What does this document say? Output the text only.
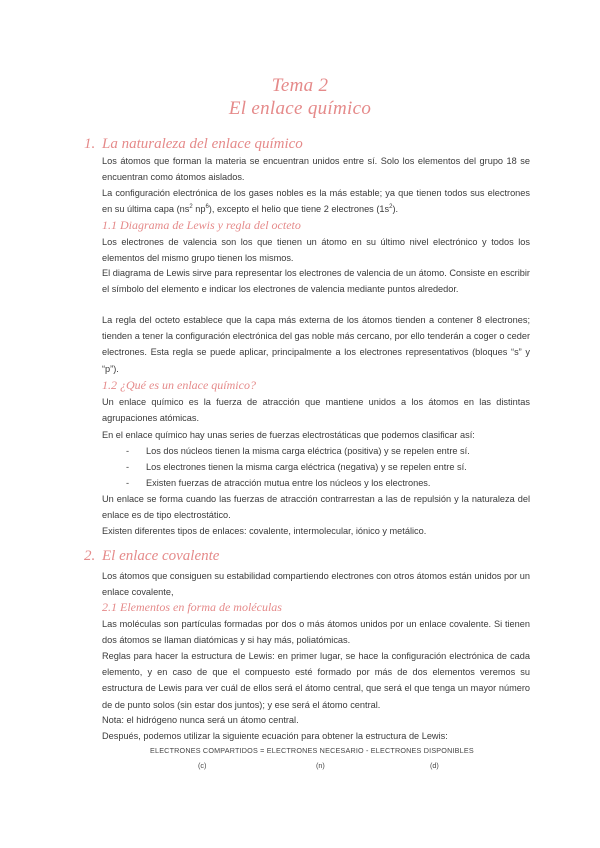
Tema 2
El enlace químico
1. La naturaleza del enlace químico
Los átomos que forman la materia se encuentran unidos entre sí. Solo los elementos del grupo 18 se encuentran como átomos aislados.
La configuración electrónica de los gases nobles es la más estable; ya que tienen todos sus electrones en su última capa ($ns^2$ $np^6$), excepto el helio que tiene 2 electrones $(1s^2)$.
1.1 Diagrama de Lewis y regla del octeto
Los electrones de valencia son los que tienen un átomo en su último nivel electrónico y todos los elementos del mismo grupo tienen los mismos.
El diagrama de Lewis sirve para representar los electrones de valencia de un átomo. Consiste en escribir el símbolo del elemento e indicar los electrones de valencia mediante puntos alrededor.
La regla del octeto establece que la capa más externa de los átomos tienden a contener 8 electrones; tienden a tener la configuración electrónica del gas noble más cercano, por ello tenderán a coger o ceder electrones. Esta regla se puede aplicar, principalmente a los electrones representativos (bloques “s” y “p”).
1.2 ¿Qué es un enlace químico?
Un enlace químico es la fuerza de atracción que mantiene unidos a los átomos en las distintas agrupaciones atómicas.
En el enlace químico hay unas series de fuerzas electrostáticas que podemos clasificar así:
-	Los dos núcleos tienen la misma carga eléctrica (positiva) y se repelen entre sí.
-	Los electrones tienen la misma carga eléctrica (negativa) y se repelen entre sí.
-	Existen fuerzas de atracción mutua entre los núcleos y los electrones.
Un enlace se forma cuando las fuerzas de atracción contrarrestan a las de repulsión y la naturaleza del enlace es de tipo electrostático.
Existen diferentes tipos de enlaces: covalente, intermolecular, iónico y metálico.
2. El enlace covalente
Los átomos que consiguen su estabilidad compartiendo electrones con otros átomos están unidos por un enlace covalente,
2.1 Elementos en forma de moléculas
Las moléculas son partículas formadas por dos o más átomos unidos por un enlace covalente. Si tienen dos átomos se llaman diatómicas y si hay más, poliatómicas.
Reglas para hacer la estructura de Lewis: en primer lugar, se hace la configuración electrónica de cada elemento, y en caso de que el compuesto esté formado por más de dos elementos veremos su estructura de Lewis para ver cuál de ellos será el átomo central, que será el que tenga un mayor número de de punto solos (sin estar dos juntos); y ese será el átomo central.
Nota: el hidrógeno nunca será un átomo central.
Después, podemos utilizar la siguiente ecuación para obtener la estructura de Lewis:
ELECTRONES COMPARTIDOS = ELECTRONES NECESARIO - ELECTRONES DISPONIBLES
(c)	(n)	(d)
